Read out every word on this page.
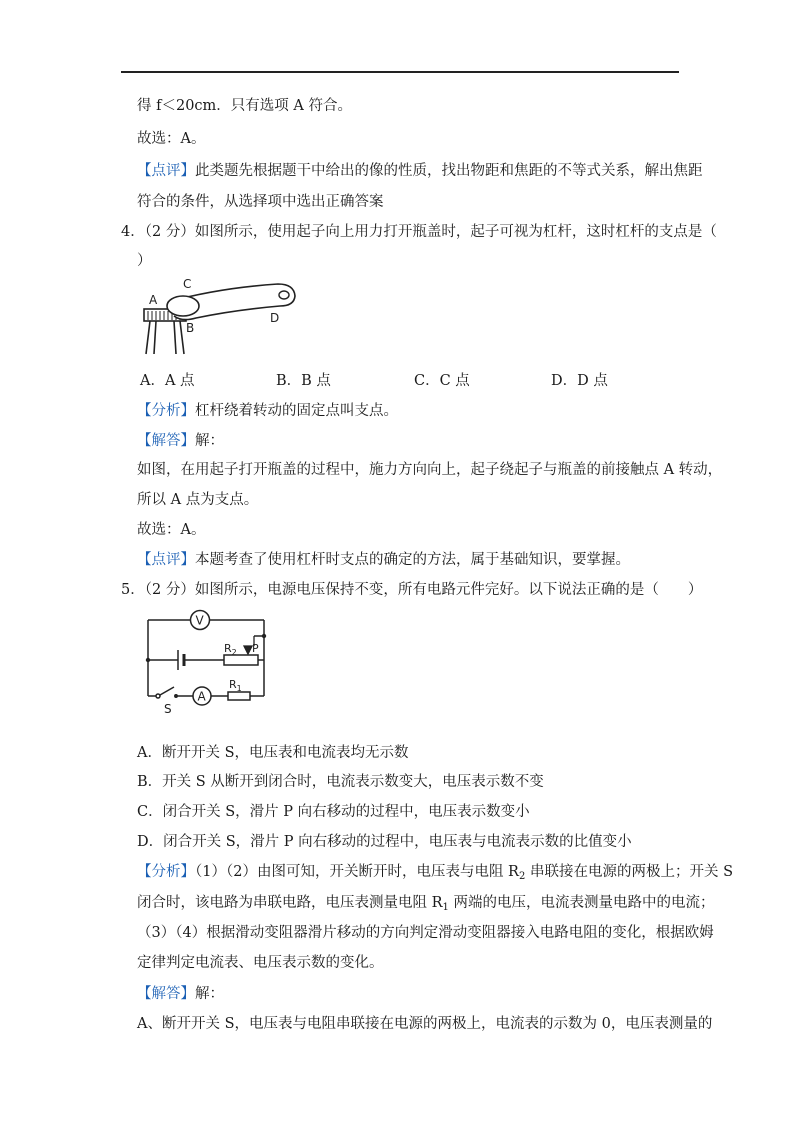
得 f＜20cm．只有选项 A 符合。
故选：A。
【点评】此类题先根据题干中给出的像的性质，找出物距和焦距的不等式关系，解出焦距
符合的条件，从选择项中选出正确答案
4．（2 分）如图所示，使用起子向上用力打开瓶盖时，起子可视为杠杆，这时杠杆的支点是（
）
A
C
B
D
A．A 点	B．B 点	C．C 点	D．D 点
【分析】杠杆绕着转动的固定点叫支点。
【解答】解：
如图，在用起子打开瓶盖的过程中，施力方向向上，起子绕起子与瓶盖的前接触点 A 转动，
所以 A 点为支点。
故选：A。
【点评】本题考查了使用杠杆时支点的确定的方法，属于基础知识，要掌握。
5．（2 分）如图所示，电源电压保持不变，所有电路元件完好。以下说法正确的是（　　）
V
$R_2$ P
S
A
$R_1$
A．断开开关 S，电压表和电流表均无示数
B．开关 S 从断开到闭合时，电流表示数变大，电压表示数不变
C．闭合开关 S，滑片 P 向右移动的过程中，电压表示数变小
D．闭合开关 S，滑片 P 向右移动的过程中，电压表与电流表示数的比值变小
【分析】（1）（2）由图可知，开关断开时，电压表与电阻 $R_2$ 串联接在电源的两极上；开关 S
闭合时，该电路为串联电路，电压表测量电阻 $R_1$ 两端的电压，电流表测量电路中的电流；
（3）（4）根据滑动变阻器滑片移动的方向判定滑动变阻器接入电路电阻的变化，根据欧姆
定律判定电流表、电压表示数的变化。
【解答】解：
A、断开开关 S，电压表与电阻串联接在电源的两极上，电流表的示数为 0，电压表测量的
